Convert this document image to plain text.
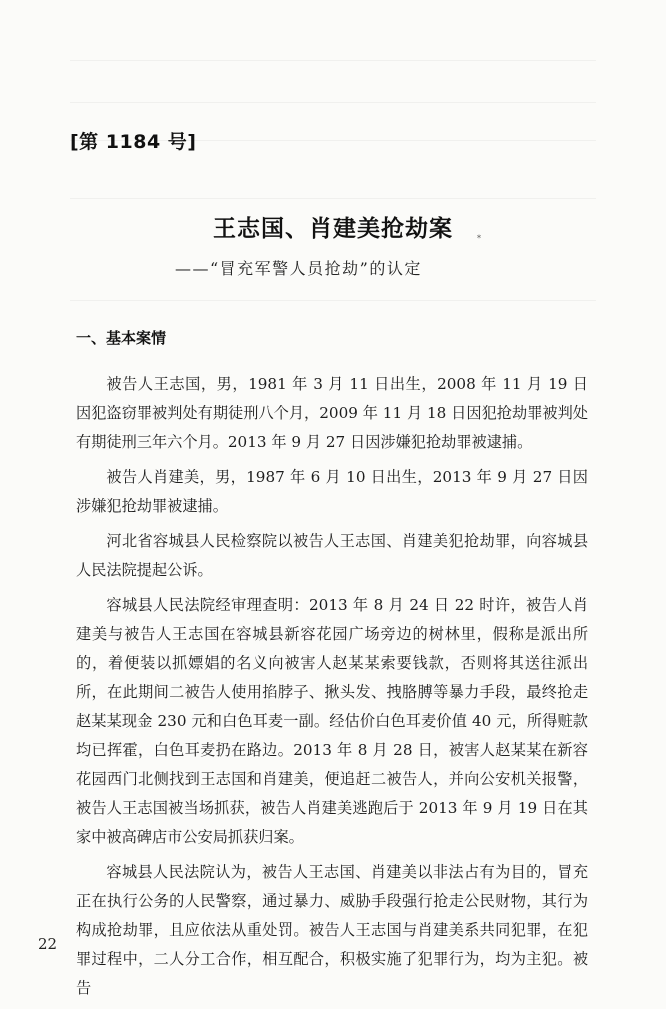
[第 1184 号]
王志国、肖建美抢劫案	*
——“冒充军警人员抢劫”的认定
一、基本案情

被告人王志国，男，1981 年 3 月 11 日出生，2008 年 11 月 19 日因犯盗窃罪被判处有期徒刑八个月，2009 年 11 月 18 日因犯抢劫罪被判处有期徒刑三年六个月。2013 年 9 月 27 日因涉嫌犯抢劫罪被逮捕。

被告人肖建美，男，1987 年 6 月 10 日出生，2013 年 9 月 27 日因涉嫌犯抢劫罪被逮捕。

河北省容城县人民检察院以被告人王志国、肖建美犯抢劫罪，向容城县人民法院提起公诉。

容城县人民法院经审理查明：2013 年 8 月 24 日 22 时许，被告人肖建美与被告人王志国在容城县新容花园广场旁边的树林里，假称是派出所的，着便装以抓嫖娼的名义向被害人赵某某索要钱款，否则将其送往派出所，在此期间二被告人使用掐脖子、揪头发、拽胳膊等暴力手段，最终抢走赵某某现金 230 元和白色耳麦一副。经估价白色耳麦价值 40 元，所得赃款均已挥霍，白色耳麦扔在路边。2013 年 8 月 28 日，被害人赵某某在新容花园西门北侧找到王志国和肖建美，便追赶二被告人，并向公安机关报警，被告人王志国被当场抓获，被告人肖建美逃跑后于 2013 年 9 月 19 日在其家中被高碑店市公安局抓获归案。

容城县人民法院认为，被告人王志国、肖建美以非法占有为目的，冒充正在执行公务的人民警察，通过暴力、威胁手段强行抢走公民财物，其行为构成抢劫罪，且应依法从重处罚。被告人王志国与肖建美系共同犯罪，在犯罪过程中，二人分工合作，相互配合，积极实施了犯罪行为，均为主犯。被告

22
